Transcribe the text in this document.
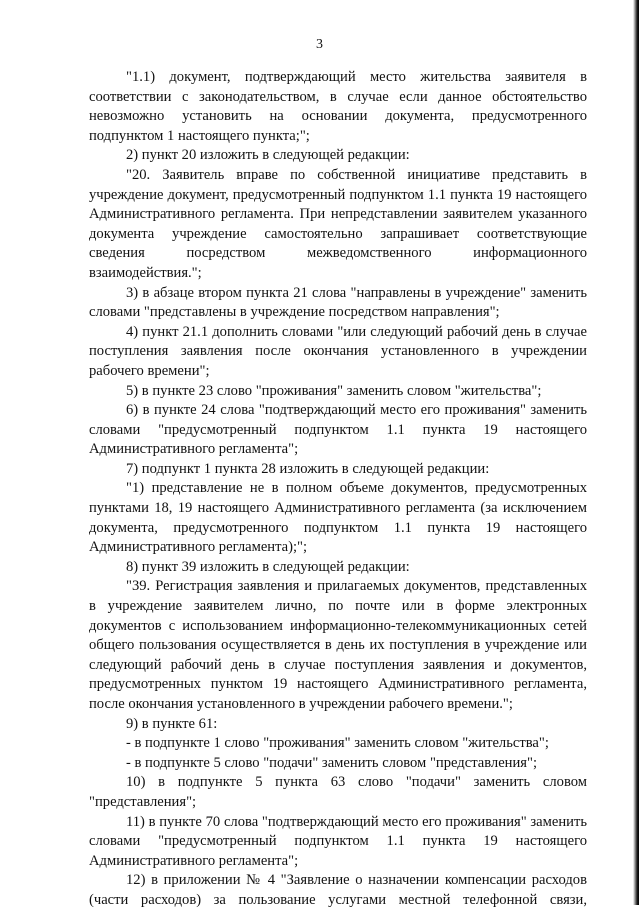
3

"1.1) документ, подтверждающий место жительства заявителя в соответствии с законодательством, в случае если данное обстоятельство невозможно установить на основании документа, предусмотренного подпунктом 1 настоящего пункта;";

2) пункт 20 изложить в следующей редакции:

"20. Заявитель вправе по собственной инициативе представить в учреждение документ, предусмотренный подпунктом 1.1 пункта 19 настоящего Административного регламента. При непредставлении заявителем указанного документа учреждение самостоятельно запрашивает соответствующие сведения посредством межведомственного информационного взаимодействия.";

3) в абзаце втором пункта 21 слова "направлены в учреждение" заменить словами "представлены в учреждение посредством направления";

4) пункт 21.1 дополнить словами "или следующий рабочий день в случае поступления заявления после окончания установленного в учреждении рабочего времени";

5) в пункте 23 слово "проживания" заменить словом "жительства";

6) в пункте 24 слова "подтверждающий место его проживания" заменить словами "предусмотренный подпунктом 1.1 пункта 19 настоящего Административного регламента";

7) подпункт 1 пункта 28 изложить в следующей редакции:

"1) представление не в полном объеме документов, предусмотренных пунктами 18, 19 настоящего Административного регламента (за исключением документа, предусмотренного подпунктом 1.1 пункта 19 настоящего Административного регламента);";

8) пункт 39 изложить в следующей редакции:

"39. Регистрация заявления и прилагаемых документов, представленных в учреждение заявителем лично, по почте или в форме электронных документов с использованием информационно-телекоммуникационных сетей общего пользования осуществляется в день их поступления в учреждение или следующий рабочий день в случае поступления заявления и документов, предусмотренных пунктом 19 настоящего Административного регламента, после окончания установленного в учреждении рабочего времени.";

9) в пункте 61:

- в подпункте 1 слово "проживания" заменить словом "жительства";

- в подпункте 5 слово "подачи" заменить словом "представления";

10) в подпункте 5 пункта 63 слово "подачи" заменить словом "представления";

11) в пункте 70 слова "подтверждающий место его проживания" заменить словами "предусмотренный подпунктом 1.1 пункта 19 настоящего Административного регламента";

12) в приложении № 4 "Заявление о назначении компенсации расходов (части расходов) за пользование услугами местной телефонной связи,
